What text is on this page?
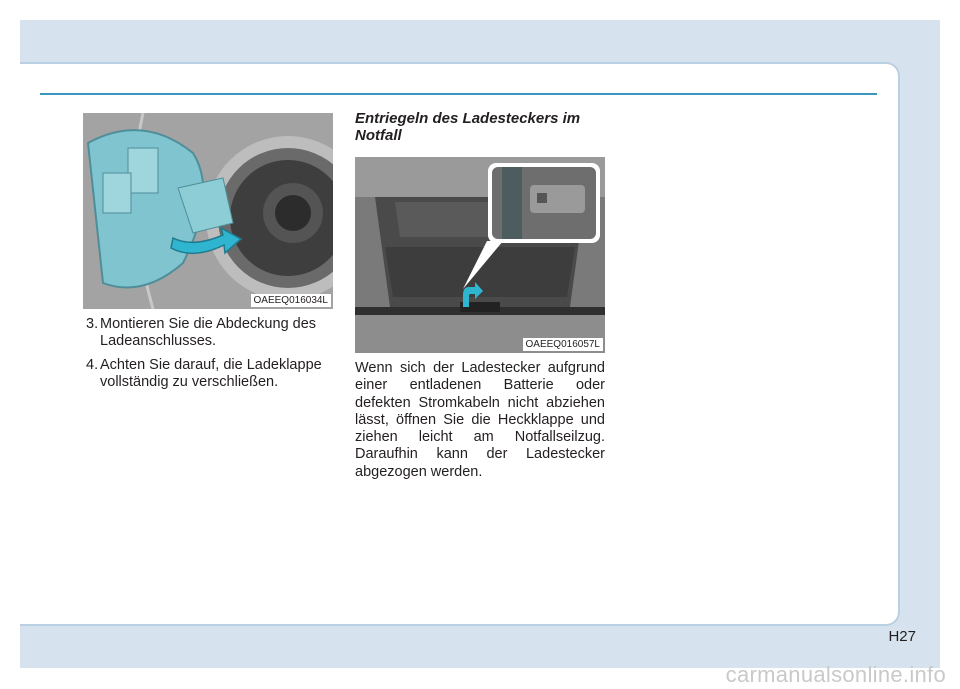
OAEEQ016034L
3. Montieren Sie die Abdeckung des Ladeanschlusses.
4. Achten Sie darauf, die Ladeklappe vollständig zu verschließen.
Entriegeln des Ladesteckers im Notfall
OAEEQ016057L

Wenn sich der Ladestecker aufgrund einer entladenen Batterie oder defekten Stromkabeln nicht abziehen lässt, öffnen Sie die Heckklappe und ziehen leicht am Notfallseilzug. Daraufhin kann der Ladestecker abgezogen werden.

H27
carmanualsonline.info
